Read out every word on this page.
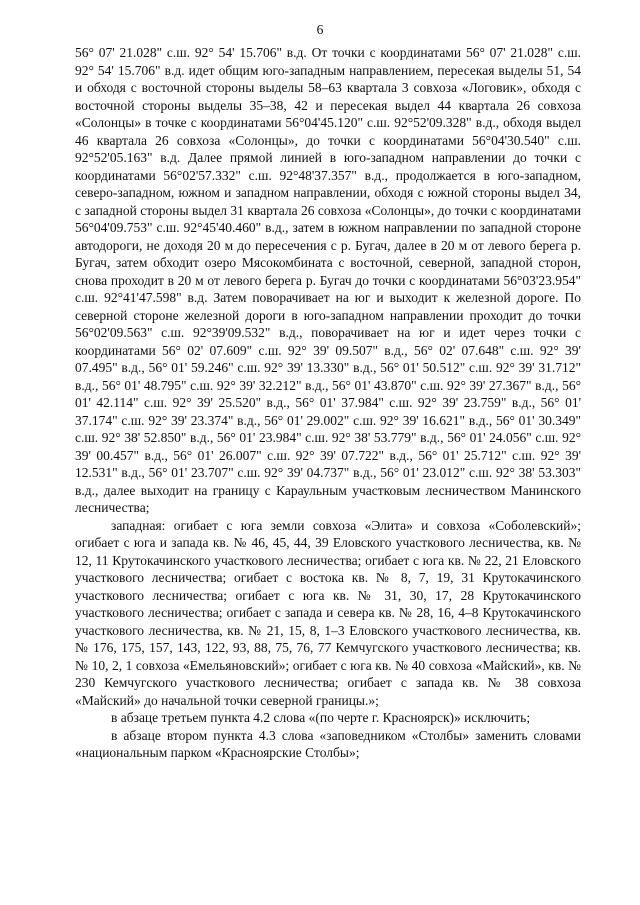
6

56° 07' 21.028" с.ш. 92° 54' 15.706" в.д. От точки с координатами 56° 07' 21.028" с.ш. 92° 54' 15.706" в.д. идет общим юго-западным направлением, пересекая выделы 51, 54 и обходя с восточной стороны выделы 58–63 квартала 3 совхоза «Логовик», обходя с восточной стороны выделы 35–38, 42 и пересекая выдел 44 квартала 26 совхоза «Солонцы» в точке с координатами 56°04'45.120" с.ш. 92°52'09.328" в.д., обходя выдел 46 квартала 26 совхоза «Солонцы», до точки с координатами 56°04'30.540" с.ш. 92°52'05.163" в.д. Далее прямой линией в юго-западном направлении до точки с координатами 56°02'57.332" с.ш. 92°48'37.357" в.д., продолжается в юго-западном, северо-западном, южном и западном направлении, обходя с южной стороны выдел 34, с западной стороны выдел 31 квартала 26 совхоза «Солонцы», до точки с координатами 56°04'09.753" с.ш. 92°45'40.460" в.д., затем в южном направлении по западной стороне автодороги, не доходя 20 м до пересечения с р. Бугач, далее в 20 м от левого берега р. Бугач, затем обходит озеро Мясокомбината с восточной, северной, западной сторон, снова проходит в 20 м от левого берега р. Бугач до точки с координатами 56°03'23.954" с.ш. 92°41'47.598" в.д. Затем поворачивает на юг и выходит к железной дороге. По северной стороне железной дороги в юго-западном направлении проходит до точки 56°02'09.563" с.ш. 92°39'09.532" в.д., поворачивает на юг и идет через точки с координатами 56° 02' 07.609" с.ш. 92° 39' 09.507" в.д., 56° 02' 07.648" с.ш. 92° 39' 07.495" в.д., 56° 01' 59.246" с.ш. 92° 39' 13.330" в.д., 56° 01' 50.512" с.ш. 92° 39' 31.712" в.д., 56° 01' 48.795" с.ш. 92° 39' 32.212" в.д., 56° 01' 43.870" с.ш. 92° 39' 27.367" в.д., 56° 01' 42.114" с.ш. 92° 39' 25.520" в.д., 56° 01' 37.984" с.ш. 92° 39' 23.759" в.д., 56° 01' 37.174" с.ш. 92° 39' 23.374" в.д., 56° 01' 29.002" с.ш. 92° 39' 16.621" в.д., 56° 01' 30.349" с.ш. 92° 38' 52.850" в.д., 56° 01' 23.984" с.ш. 92° 38' 53.779" в.д., 56° 01' 24.056" с.ш. 92° 39' 00.457" в.д., 56° 01' 26.007" с.ш. 92° 39' 07.722" в.д., 56° 01' 25.712" с.ш. 92° 39' 12.531" в.д., 56° 01' 23.707" с.ш. 92° 39' 04.737" в.д., 56° 01' 23.012" с.ш. 92° 38' 53.303" в.д., далее выходит на границу с Караульным участковым лесничеством Манинского лесничества;

западная: огибает с юга земли совхоза «Элита» и совхоза «Соболевский»; огибает с юга и запада кв. № 46, 45, 44, 39 Еловского участкового лесничества, кв. № 12, 11 Крутокачинского участкового лесничества; огибает с юга кв. № 22, 21 Еловского участкового лесничества; огибает с востока кв. № 8, 7, 19, 31 Крутокачинского участкового лесничества; огибает с юга кв. № 31, 30, 17, 28 Крутокачинского участкового лесничества; огибает с запада и севера кв. № 28, 16, 4–8 Крутокачинского участкового лесничества, кв. № 21, 15, 8, 1–3 Еловского участкового лесничества, кв. № 176, 175, 157, 143, 122, 93, 88, 75, 76, 77 Кемчугского участкового лесничества; кв. № 10, 2, 1 совхоза «Емельяновский»; огибает с юга кв. № 40 совхоза «Майский», кв. № 230 Кемчугского участкового лесничества; огибает с запада кв. № 38 совхоза «Майский» до начальной точки северной границы.»;

в абзаце третьем пункта 4.2 слова «(по черте г. Красноярск)» исключить;

в абзаце втором пункта 4.3 слова «заповедником «Столбы» заменить словами «национальным парком «Красноярские Столбы»;
